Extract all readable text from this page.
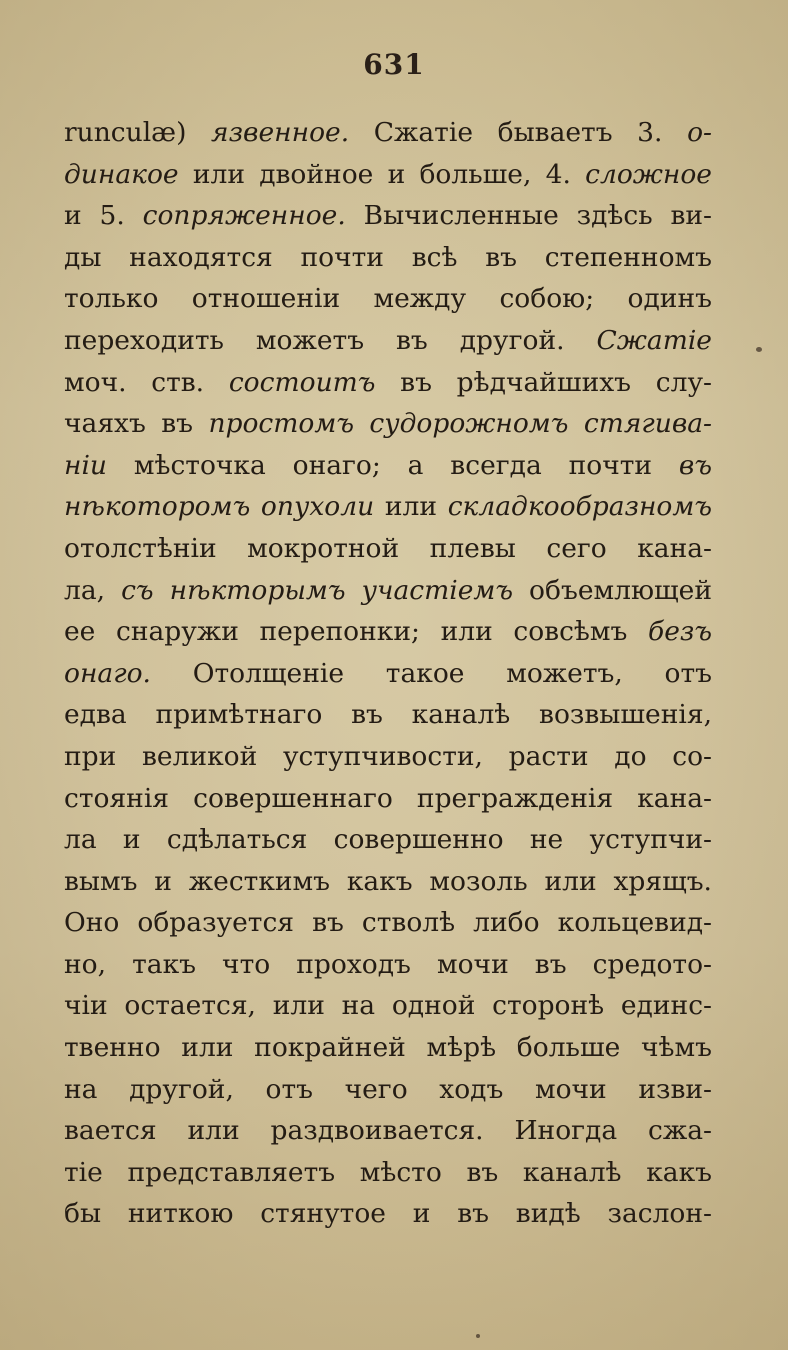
631
runculæ) язвенное. Сжатіе бываетъ 3. о-
динакое или двойное и больше, 4. сложное
и 5. сопряженное. Вычисленные здѣсь ви-
ды находятся почти всѣ въ степенномъ
только отношеніи между собою; одинъ
переходить можетъ въ другой. Сжатіе
моч. ств. состоитъ въ рѣдчайшихъ слу-
чаяхъ въ простомъ судорожномъ стягива-
ніи мѣсточка онаго; а всегда почти въ
нѣкоторомъ опухоли или складкообразномъ
отолстѣніи мокротной плевы сего кана-
ла, съ нѣкторымъ участіемъ объемлющей
ее снаружи перепонки; или совсѣмъ безъ
онаго. Отолщеніе такое можетъ, отъ
едва примѣтнаго въ каналѣ возвышенія,
при великой уступчивости, расти до со-
стоянія совершеннаго прегражденія кана-
ла и сдѣлаться совершенно не уступчи-
вымъ и жесткимъ какъ мозоль или хрящъ.
Оно образуется въ стволѣ либо кольцевид-
но, такъ что проходъ мочи въ средото-
чіи остается, или на одной сторонѣ единс-
твенно или покрайней мѣрѣ больше чѣмъ
на другой, отъ чего ходъ мочи изви-
вается или раздвоивается. Иногда сжа-
тіе представляетъ мѣсто въ каналѣ какъ
бы ниткою стянутое и въ видѣ заслон-
